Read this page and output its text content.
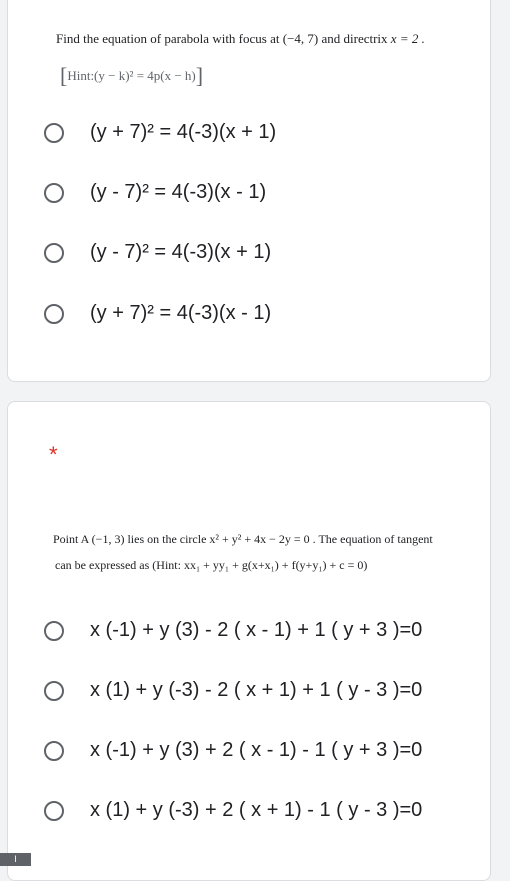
Find the equation of parabola with focus at (−4, 7) and directrix x = 2 .
[Hint:(y − k)² = 4p(x − h)]
(y + 7)² = 4(-3)(x + 1)
(y - 7)² = 4(-3)(x - 1)
(y - 7)² = 4(-3)(x + 1)
(y + 7)² = 4(-3)(x - 1)
*
Point A (−1, 3) lies on the circle x² + y² + 4x − 2y = 0 . The equation of tangent
can be expressed as (Hint: xx₁ + yy₁ + g(x+x₁) + f(y+y₁) + c = 0)
x (-1) + y (3) - 2 ( x - 1) + 1 ( y + 3 )=0
x (1) + y (-3) - 2 ( x + 1) + 1 ( y - 3 )=0
x (-1) + y (3) + 2 ( x - 1) - 1 ( y + 3 )=0
x (1) + y (-3) + 2 ( x + 1) - 1 ( y - 3 )=0
I
